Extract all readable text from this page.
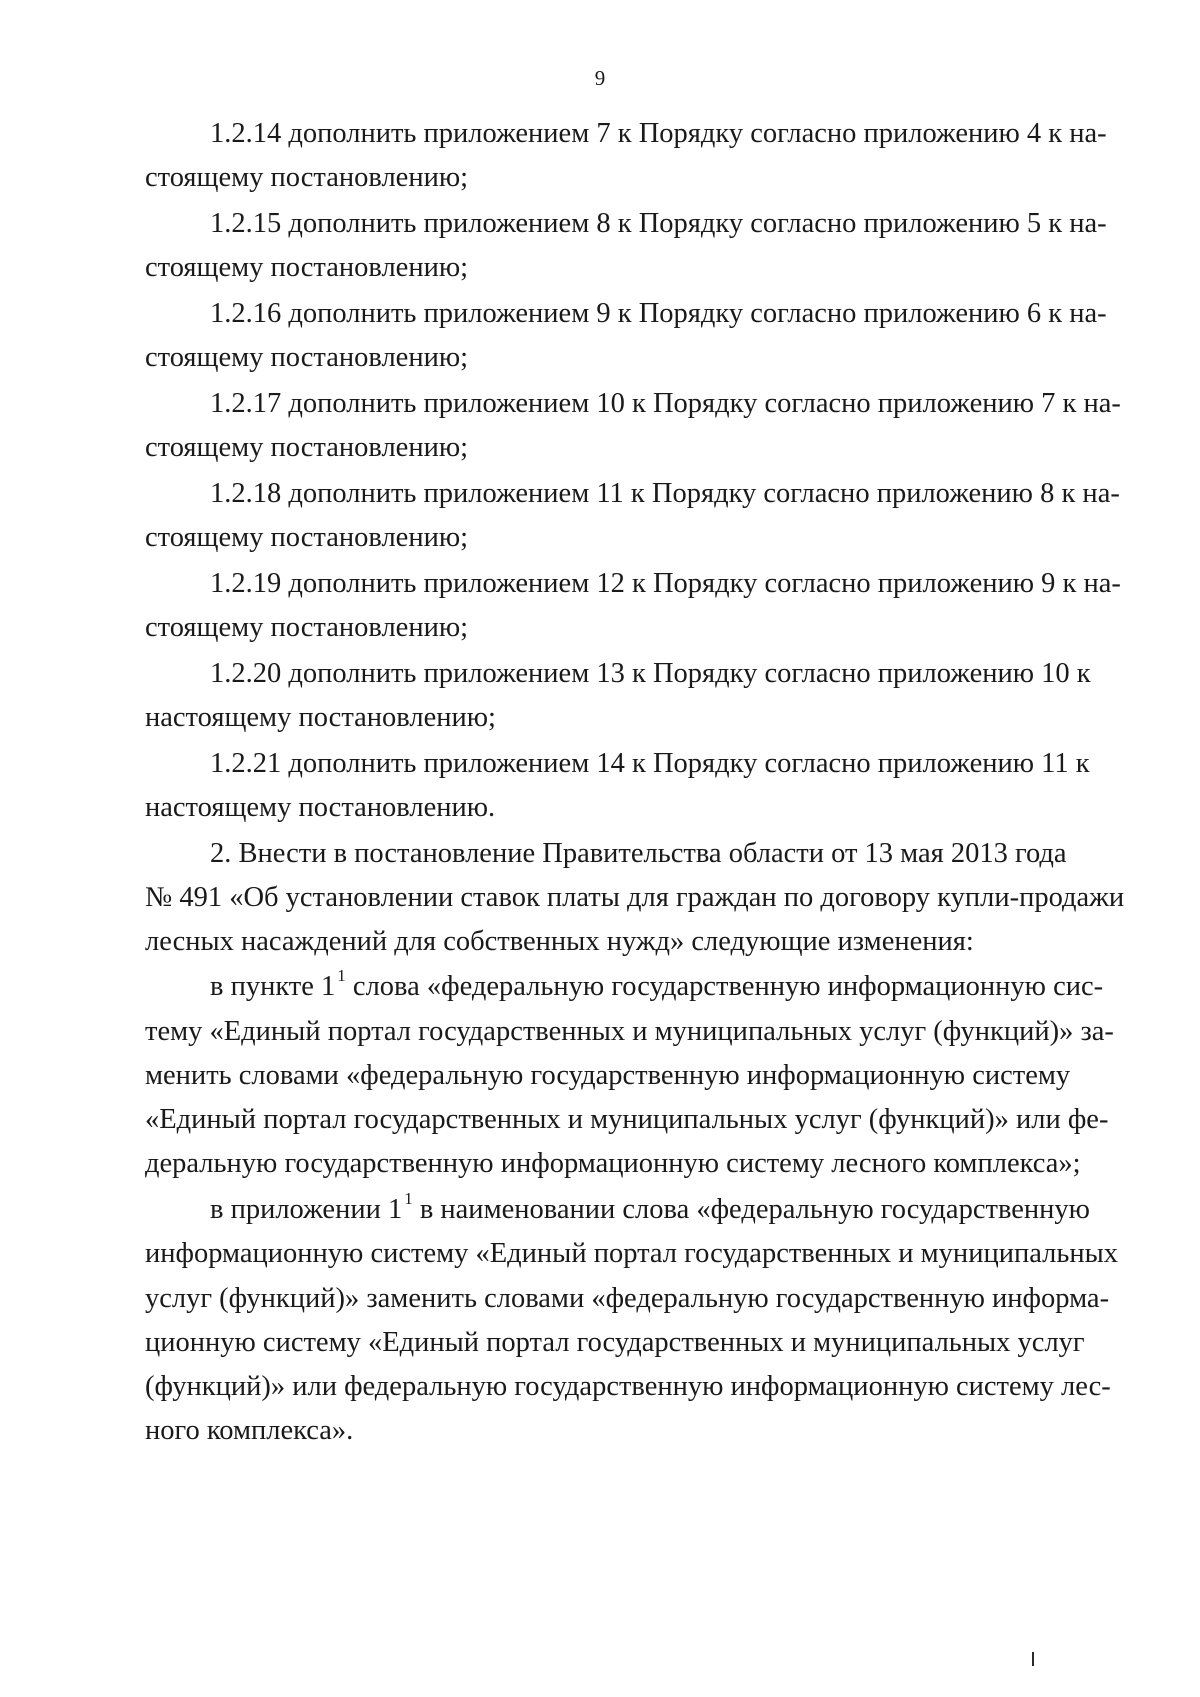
9
1.2.14 дополнить приложением 7 к Порядку согласно приложению 4 к на-
стоящему постановлению;
1.2.15 дополнить приложением 8 к Порядку согласно приложению 5 к на-
стоящему постановлению;
1.2.16 дополнить приложением 9 к Порядку согласно приложению 6 к на-
стоящему постановлению;
1.2.17 дополнить приложением 10 к Порядку согласно приложению 7 к на-
стоящему постановлению;
1.2.18 дополнить приложением 11 к Порядку согласно приложению 8 к на-
стоящему постановлению;
1.2.19 дополнить приложением 12 к Порядку согласно приложению 9 к на-
стоящему постановлению;
1.2.20 дополнить приложением 13 к Порядку согласно приложению 10 к
настоящему постановлению;
1.2.21 дополнить приложением 14 к Порядку согласно приложению 11 к
настоящему постановлению.
2. Внести в постановление Правительства области от 13 мая 2013 года
№ 491 «Об установлении ставок платы для граждан по договору купли-продажи
лесных насаждений для собственных нужд» следующие изменения:
в пункте 1 $^1$ слова «федеральную государственную информационную сис-
тему «Единый портал государственных и муниципальных услуг (функций)» за-
менить словами «федеральную государственную информационную систему
«Единый портал государственных и муниципальных услуг (функций)» или фе-
деральную государственную информационную систему лесного комплекса»;
в приложении 1 $^1$ в наименовании слова «федеральную государственную
информационную систему «Единый портал государственных и муниципальных
услуг (функций)» заменить словами «федеральную государственную информа-
ционную систему «Единый портал государственных и муниципальных услуг
(функций)» или федеральную государственную информационную систему лес-
ного комплекса».
